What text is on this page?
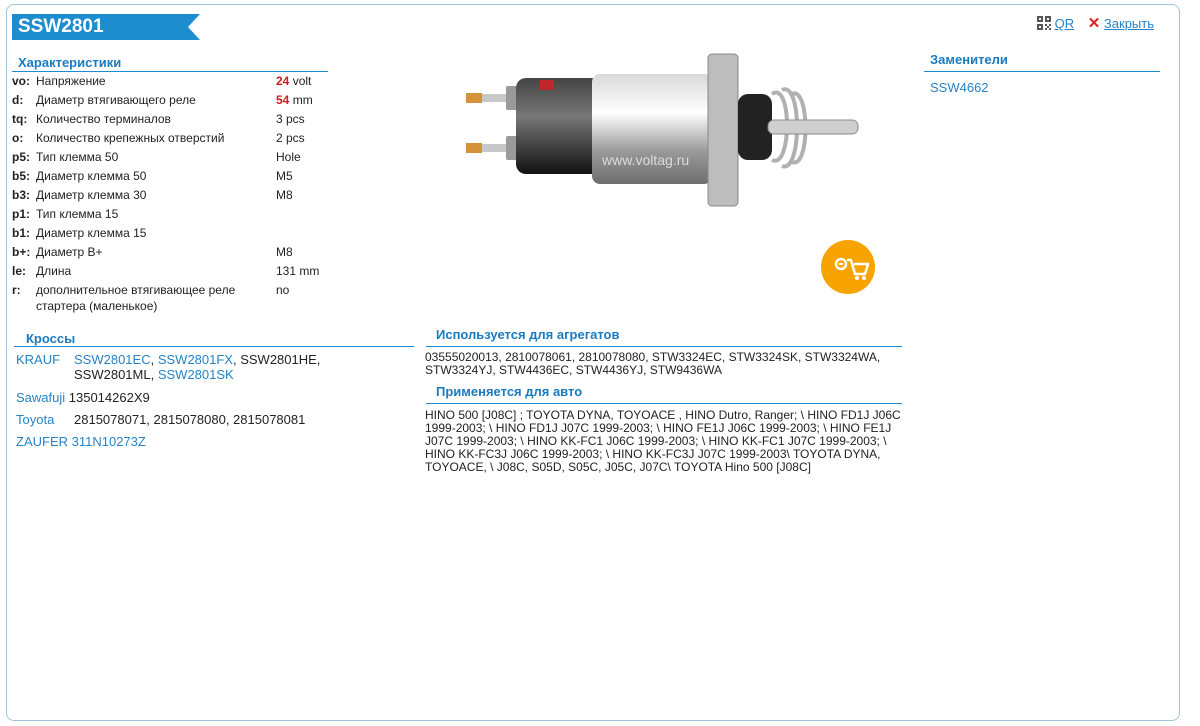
SSW2801	QR ✕ Закрыть
Характеристики
vo:	Напряжение	24 volt
d:	Диаметр втягивающего реле	54 mm
tq:	Количество терминалов	3 pcs
o:	Количество крепежных отверстий	2 pcs
p5:	Тип клемма 50	Hole
b5:	Диаметр клемма 50	M5
b3:	Диаметр клемма 30	M8
p1:	Тип клемма 15	
b1:	Диаметр клемма 15	
b+:	Диаметр В+	M8
le:	Длина	131 mm
r:	дополнительное втягивающее реле стартера (маленькое)	no
www.voltag.ru
Заменители
SSW4662
Кроссы
KRAUF SSW2801EC, SSW2801FX, SSW2801HE,
SSW2801ML, SSW2801SK
Sawafuji 135014262X9
Toyota 2815078071, 2815078080, 2815078081
ZAUFER 311N10273Z
Используется для агрегатов
03555020013, 2810078061, 2810078080, STW3324EC, STW3324SK, STW3324WA, STW3324YJ, STW4436EC, STW4436YJ, STW9436WA
Применяется для авто
HINO 500 [J08C] ; TOYOTA DYNA, TOYOACE , HINO Dutro, Ranger; \ HINO FD1J J06C 1999-2003; \ HINO FD1J J07C 1999-2003; \ HINO FE1J J06C 1999-2003; \ HINO FE1J J07C 1999-2003; \ HINO KK-FC1 J06C 1999-2003; \ HINO KK-FC1 J07C 1999-2003; \ HINO KK-FC3J J06C 1999-2003; \ HINO KK-FC3J J07C 1999-2003\ TOYOTA DYNA, TOYOACE, \ J08C, S05D, S05C, J05C, J07C\ TOYOTA Hino 500 [J08C]
